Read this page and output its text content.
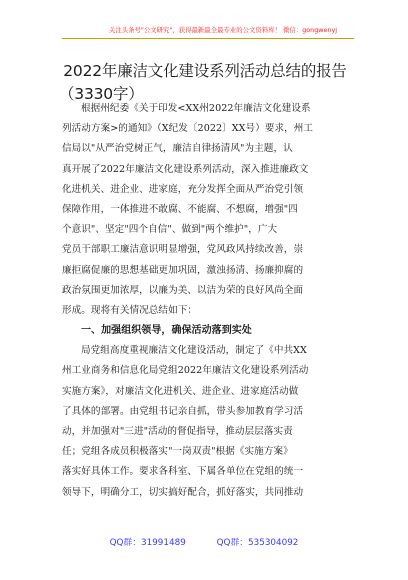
关注头条号"公文研究"，获得最新最全最专业的公文资料库！ 微信：gongwenyj
2022年廉洁文化建设系列活动总结的报告
（3330字）
根据州纪委《关于印发<XX州2022年廉洁文化建设系
列活动方案>的通知》（X纪发〔2022〕XX号）要求，州工
信局以"从严治党树正气，廉洁自律扬清风"为主题，认
真开展了2022年廉洁文化建设系列活动，深入推进廉政文
化进机关、进企业、进家庭，充分发挥全面从严治党引领
保障作用，一体推进不敢腐、不能腐、不想腐，增强"四
个意识"、坚定"四个自信"、做到"两个维护"，广大
党员干部职工廉洁意识明显增强，党风政风持续改善，崇
廉拒腐促廉的思想基础更加巩固，激浊扬清、扬廉抑腐的
政治氛围更加浓厚，以廉为美、以洁为荣的良好风尚全面
形成。现将有关情况总结如下：
一、加强组织领导，确保活动落到实处
局党组高度重视廉洁文化建设活动，制定了《中共XX
州工业商务和信息化局党组2022年廉洁文化建设系列活动
实施方案》，对廉洁文化进机关、进企业、进家庭活动做
了具体的部署。由党组书记亲自抓，带头参加教育学习活
动，并加强对"三进"活动的督促指导，推动层层落实责
任；党组各成员积极落实"一岗双责"根据《实施方案》
落实好具体工作。要求各科室、下属各单位在党组的统一
领导下，明确分工，切实搞好配合，抓好落实，共同推动
QQ群：31991489	QQ群：535304092
